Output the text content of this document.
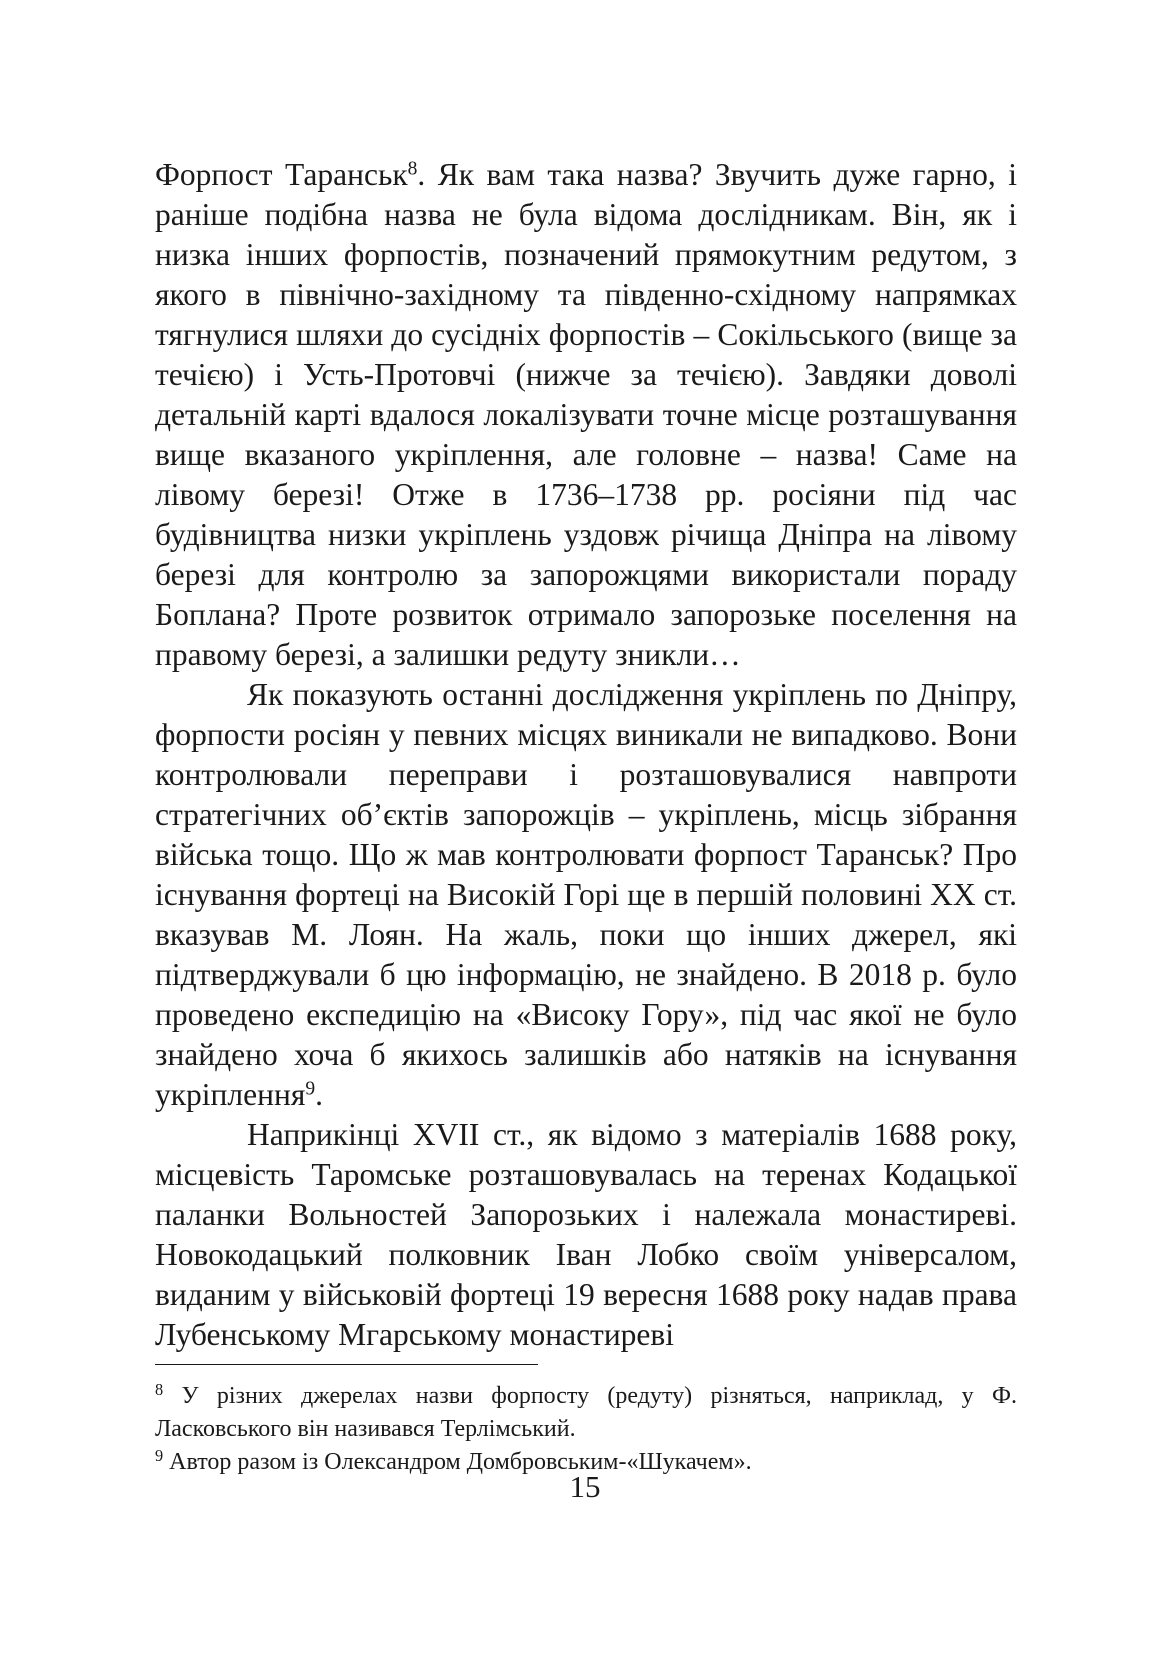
Форпост Таранськ$^8$. Як вам така назва? Звучить дуже гарно, і раніше подібна назва не була відома дослідникам. Він, як і низка інших форпостів, позначений прямокутним редутом, з якого в північно-західному та південно-східному напрямках тягнулися шляхи до сусідніх форпостів – Сокільського (вище за течією) і Усть-Протовчі (нижче за течією). Завдяки доволі детальній карті вдалося локалізувати точне місце розташування вище вказаного укріплення, але головне – назва! Саме на лівому березі! Отже в 1736–1738 рр. росіяни під час будівництва низки укріплень уздовж річища Дніпра на лівому березі для контролю за запорожцями використали пораду Боплана? Проте розвиток отримало запорозьке поселення на правому березі, а залишки редуту зникли…

Як показують останні дослідження укріплень по Дніпру, форпости росіян у певних місцях виникали не випадково. Вони контролювали переправи і розташовувалися навпроти стратегічних об’єктів запорожців – укріплень, місць зібрання війська тощо. Що ж мав контролювати форпост Таранськ? Про існування фортеці на Високій Горі ще в першій половині ХХ ст. вказував М. Лоян. На жаль, поки що інших джерел, які підтверджували б цю інформацію, не знайдено. В 2018 р. було проведено експедицію на «Високу Гору», під час якої не було знайдено хоча б якихось залишків або натяків на існування укріплення$^9$.

Наприкінці XVII ст., як відомо з матеріалів 1688 року, місцевість Таромське розташовувалась на теренах Кодацької паланки Вольностей Запорозьких і належала монастиреві. Новокодацький полковник Іван Лобко своїм універсалом, виданим у військовій фортеці 19 вересня 1688 року надав права Лубенському Мгарському монастиреві

$^8$ У різних джерелах назви форпосту (редуту) різняться, наприклад, у Ф. Ласковського він називався Терлімський.

$^9$ Автор разом із Олександром Домбровським-«Шукачем».

15
